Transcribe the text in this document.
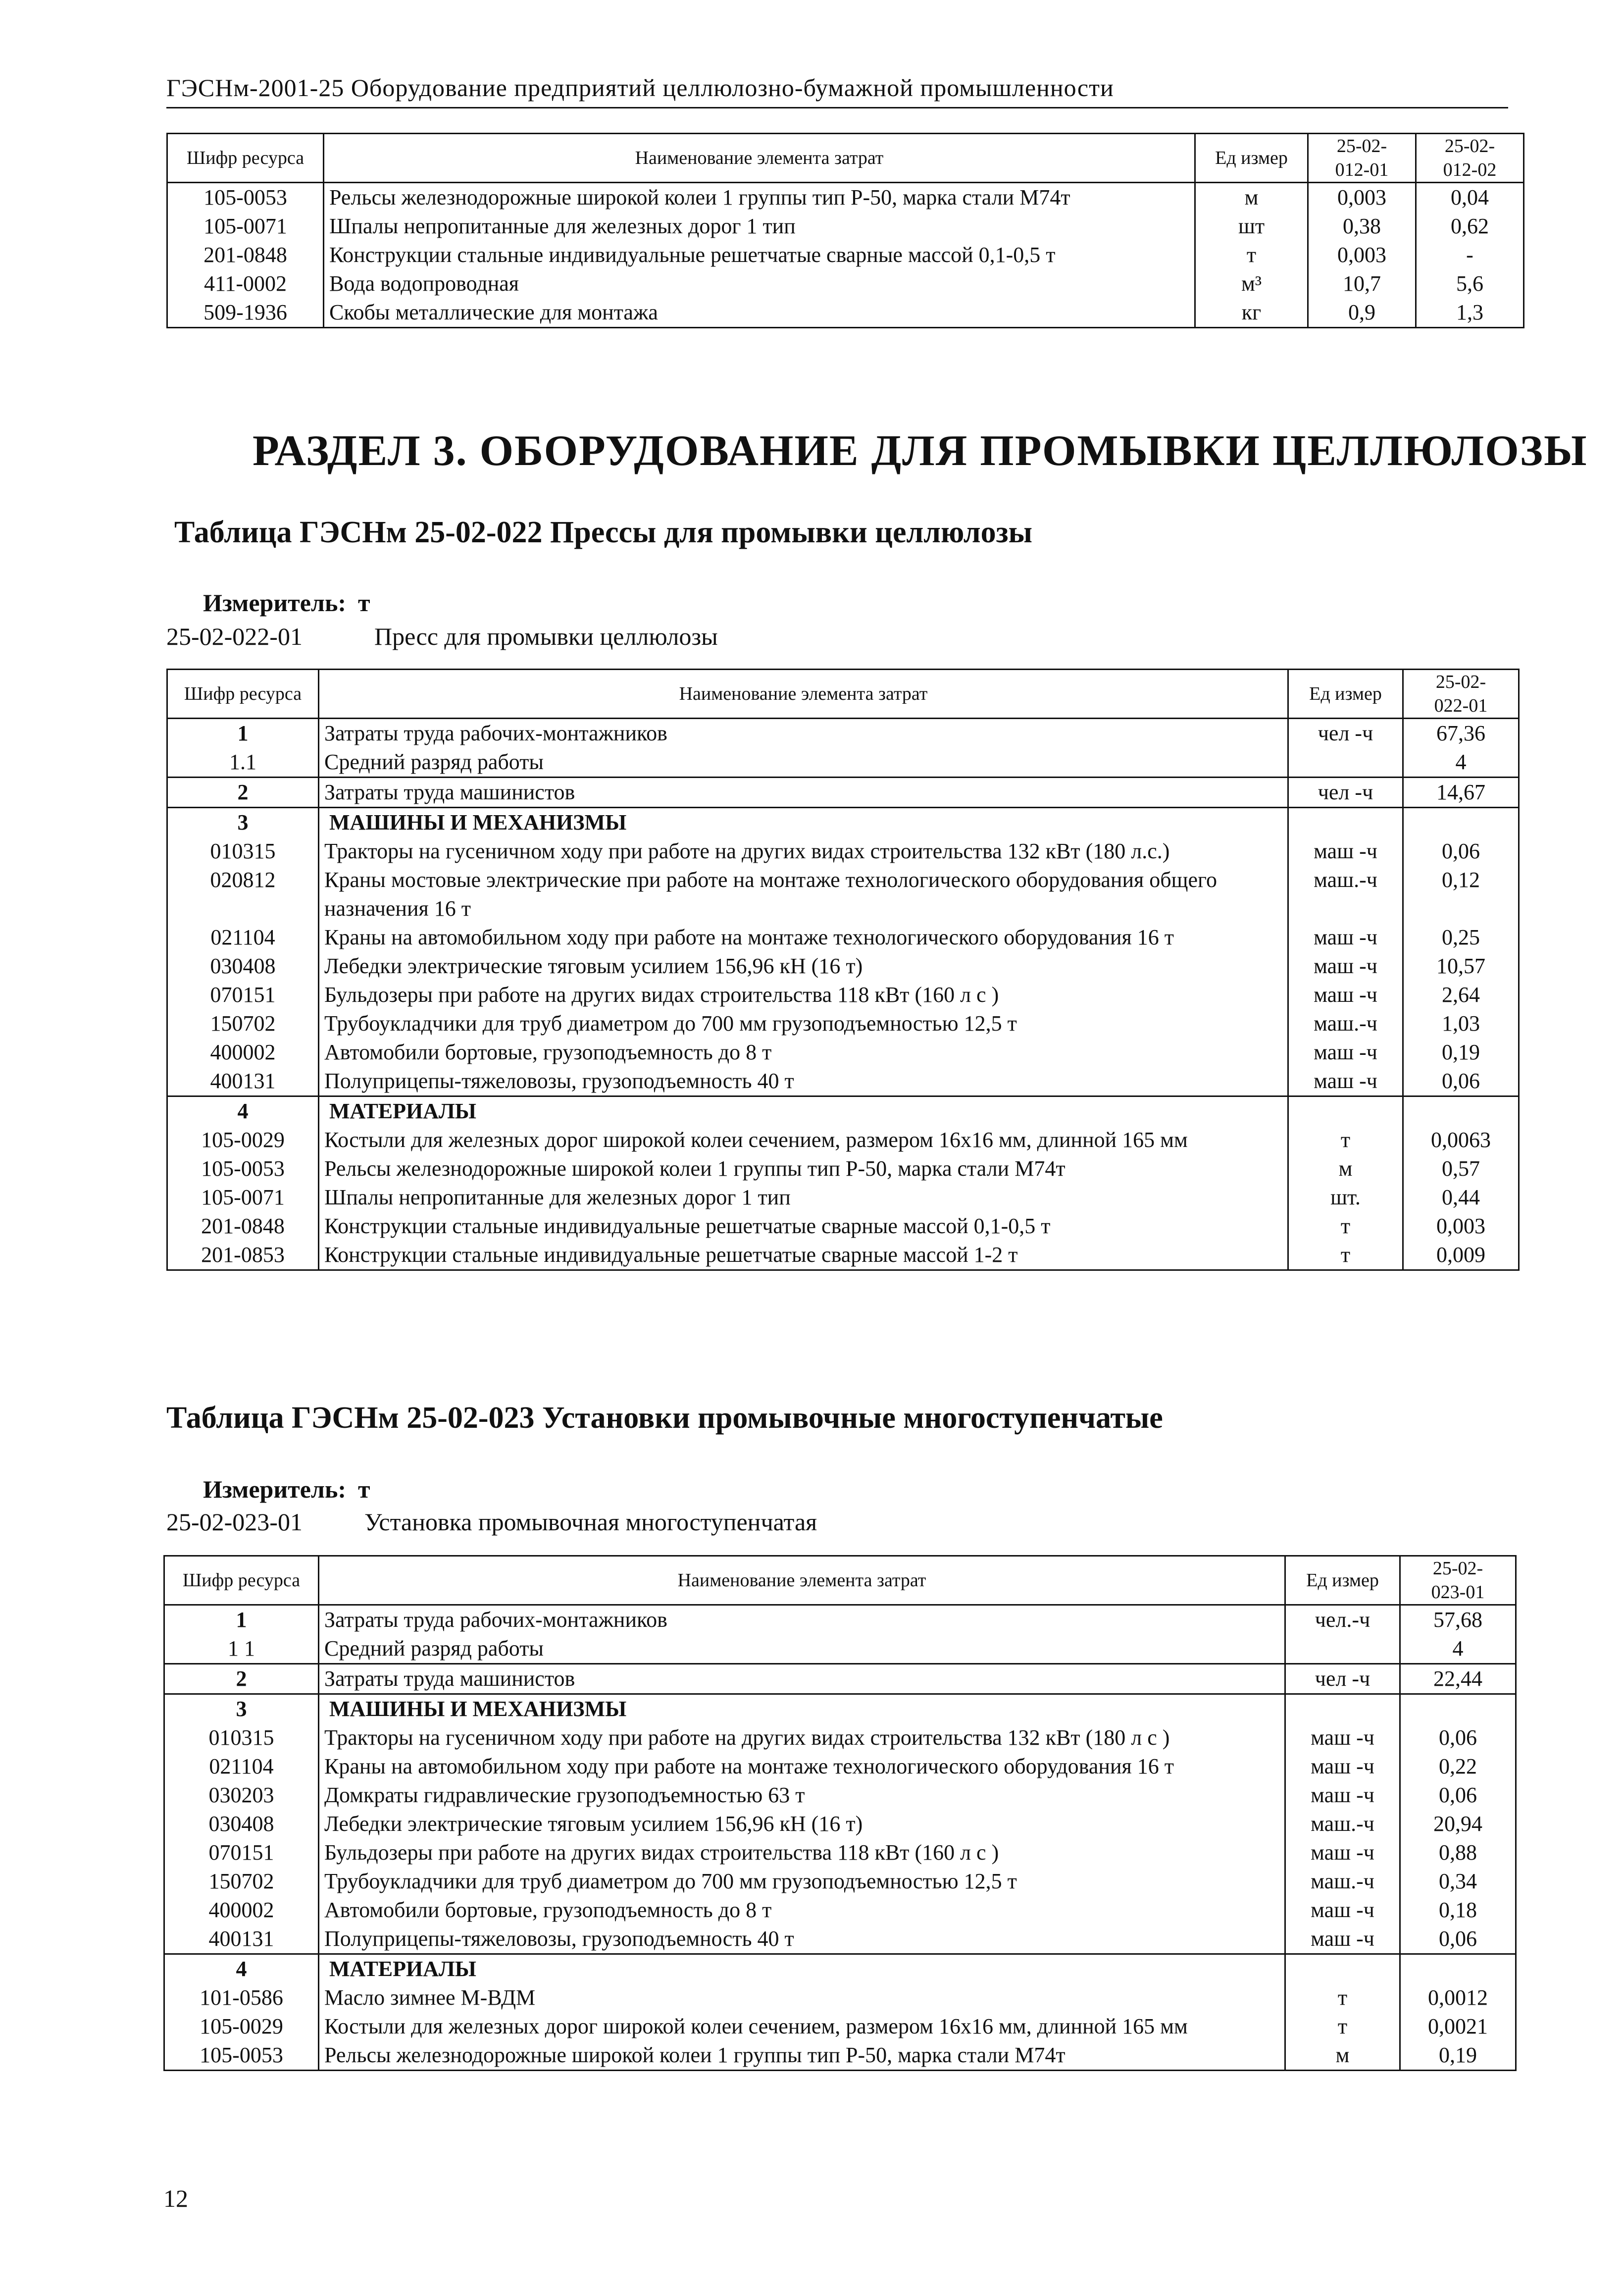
ГЭСНм-2001-25 Оборудование предприятий целлюлозно-бумажной промышленности
Шифр ресурса	Наименование элемента затрат	Ед измер	25-02-
012-01	25-02-
012-02
105-0053	Рельсы железнодорожные широкой колеи 1 группы тип Р-50, марка стали М74т	м	0,003	0,04
105-0071	Шпалы непропитанные для железных дорог 1 тип	шт	0,38	0,62
201-0848	Конструкции стальные индивидуальные решетчатые сварные массой 0,1-0,5 т	т	0,003	-
411-0002	Вода водопроводная	м³	10,7	5,6
509-1936	Скобы металлические для монтажа	кг	0,9	1,3
РАЗДЕЛ 3. ОБОРУДОВАНИЕ ДЛЯ ПРОМЫВКИ ЦЕЛЛЮЛОЗЫ
Таблица ГЭСНм 25-02-022 Прессы для промывки целлюлозы
Измеритель: т
25-02-022-01	Пресс для промывки целлюлозы
Шифр ресурса	Наименование элемента затрат	Ед измер	25-02-
022-01
1	Затраты труда рабочих-монтажников	чел -ч	67,36
1.1	Средний разряд работы		4
2	Затраты труда машинистов	чел -ч	14,67
3	МАШИНЫ И МЕХАНИЗМЫ		
010315	Тракторы на гусеничном ходу при работе на других видах строительства 132 кВт (180 л.с.)	маш -ч	0,06
020812	Краны мостовые электрические при работе на монтаже технологического оборудования общего назначения 16 т	маш.-ч	0,12
021104	Краны на автомобильном ходу при работе на монтаже технологического оборудования 16 т	маш -ч	0,25
030408	Лебедки электрические тяговым усилием 156,96 кН (16 т)	маш -ч	10,57
070151	Бульдозеры при работе на других видах строительства 118 кВт (160 л с )	маш -ч	2,64
150702	Трубоукладчики для труб диаметром до 700 мм грузоподъемностью 12,5 т	маш.-ч	1,03
400002	Автомобили бортовые, грузоподъемность до 8 т	маш -ч	0,19
400131	Полуприцепы-тяжеловозы, грузоподъемность 40 т	маш -ч	0,06
4	МАТЕРИАЛЫ		
105-0029	Костыли для железных дорог широкой колеи сечением, размером 16х16 мм, длинной 165 мм	т	0,0063
105-0053	Рельсы железнодорожные широкой колеи 1 группы тип Р-50, марка стали М74т	м	0,57
105-0071	Шпалы непропитанные для железных дорог 1 тип	шт.	0,44
201-0848	Конструкции стальные индивидуальные решетчатые сварные массой 0,1-0,5 т	т	0,003
201-0853	Конструкции стальные индивидуальные решетчатые сварные массой 1-2 т	т	0,009
Таблица ГЭСНм 25-02-023 Установки промывочные многоступенчатые
Измеритель: т
25-02-023-01	Установка промывочная многоступенчатая
Шифр ресурса	Наименование элемента затрат	Ед измер	25-02-
023-01
1	Затраты труда рабочих-монтажников	чел.-ч	57,68
1 1	Средний разряд работы		4
2	Затраты труда машинистов	чел -ч	22,44
3	МАШИНЫ И МЕХАНИЗМЫ		
010315	Тракторы на гусеничном ходу при работе на других видах строительства 132 кВт (180 л с )	маш -ч	0,06
021104	Краны на автомобильном ходу при работе на монтаже технологического оборудования 16 т	маш -ч	0,22
030203	Домкраты гидравлические грузоподъемностью 63 т	маш -ч	0,06
030408	Лебедки электрические тяговым усилием 156,96 кН (16 т)	маш.-ч	20,94
070151	Бульдозеры при работе на других видах строительства 118 кВт (160 л с )	маш -ч	0,88
150702	Трубоукладчики для труб диаметром до 700 мм грузоподъемностью 12,5 т	маш.-ч	0,34
400002	Автомобили бортовые, грузоподъемность до 8 т	маш -ч	0,18
400131	Полуприцепы-тяжеловозы, грузоподъемность 40 т	маш -ч	0,06
4	МАТЕРИАЛЫ		
101-0586	Масло зимнее М-ВДМ	т	0,0012
105-0029	Костыли для железных дорог широкой колеи сечением, размером 16х16 мм, длинной 165 мм	т	0,0021
105-0053	Рельсы железнодорожные широкой колеи 1 группы тип Р-50, марка стали М74т	м	0,19
12
